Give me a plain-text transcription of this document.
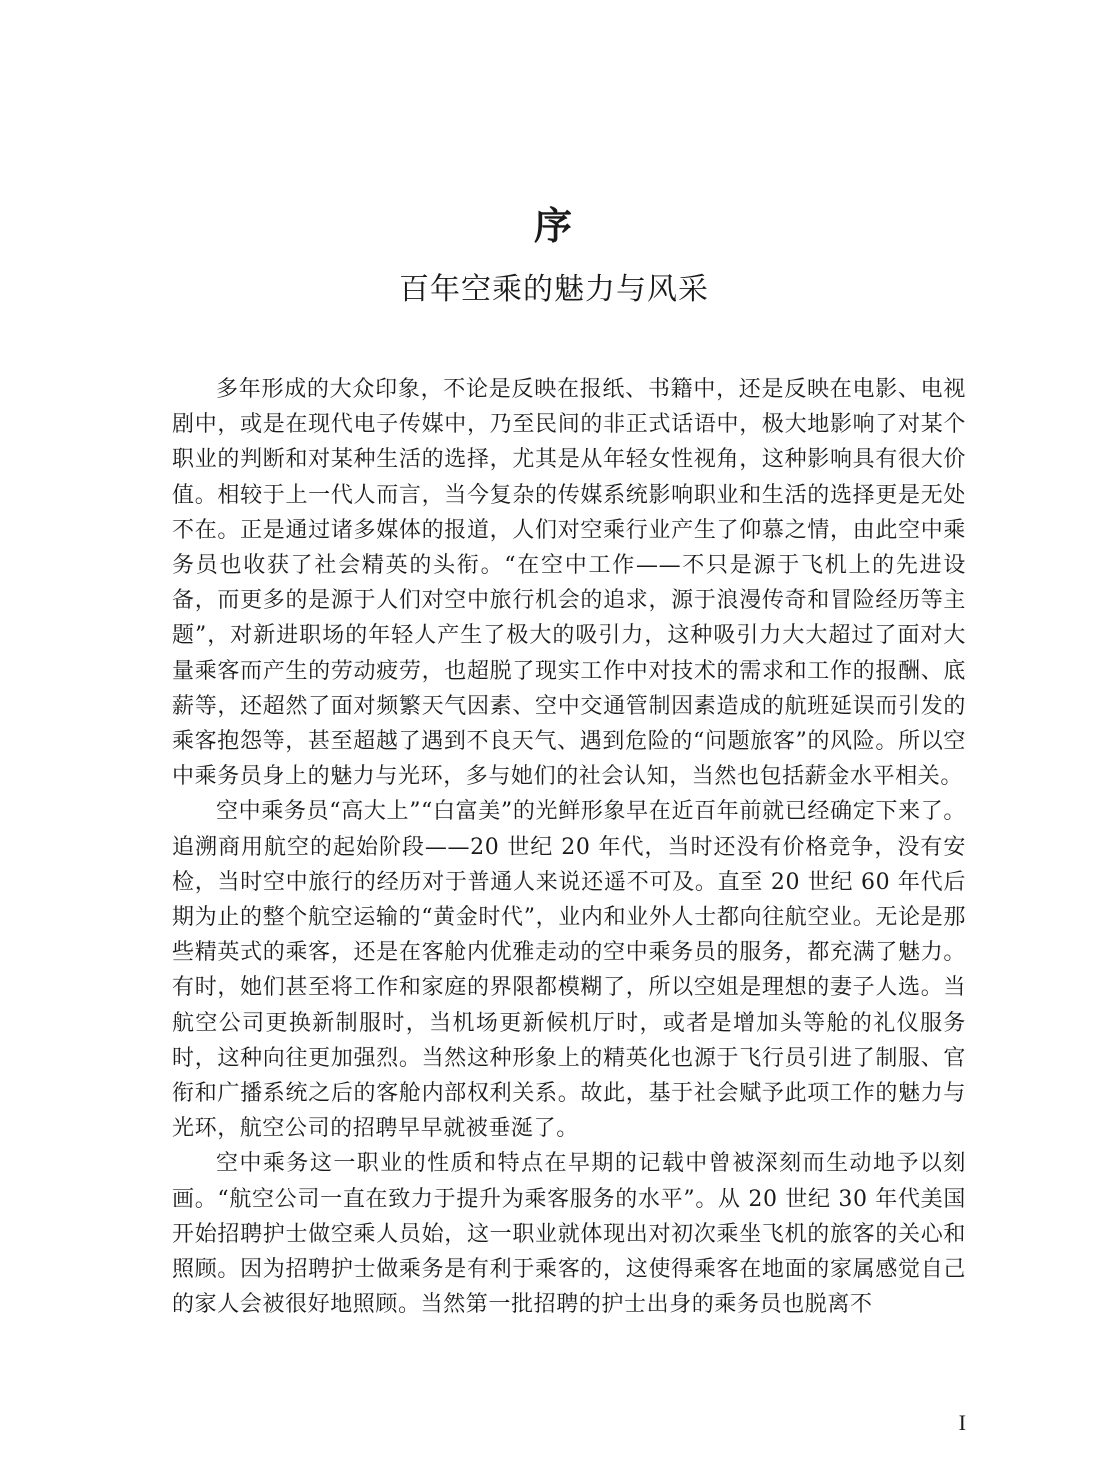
序
百年空乘的魅力与风采

多年形成的大众印象，不论是反映在报纸、书籍中，还是反映在电影、电视剧中，或是在现代电子传媒中，乃至民间的非正式话语中，极大地影响了对某个职业的判断和对某种生活的选择，尤其是从年轻女性视角，这种影响具有很大价值。相较于上一代人而言，当今复杂的传媒系统影响职业和生活的选择更是无处不在。正是通过诸多媒体的报道，人们对空乘行业产生了仰慕之情，由此空中乘务员也收获了社会精英的头衔。“在空中工作——不只是源于飞机上的先进设备，而更多的是源于人们对空中旅行机会的追求，源于浪漫传奇和冒险经历等主题”，对新进职场的年轻人产生了极大的吸引力，这种吸引力大大超过了面对大量乘客而产生的劳动疲劳，也超脱了现实工作中对技术的需求和工作的报酬、底薪等，还超然了面对频繁天气因素、空中交通管制因素造成的航班延误而引发的乘客抱怨等，甚至超越了遇到不良天气、遇到危险的“问题旅客”的风险。所以空中乘务员身上的魅力与光环，多与她们的社会认知，当然也包括薪金水平相关。

空中乘务员“高大上”“白富美”的光鲜形象早在近百年前就已经确定下来了。追溯商用航空的起始阶段——20 世纪 20 年代，当时还没有价格竞争，没有安检，当时空中旅行的经历对于普通人来说还遥不可及。直至 20 世纪 60 年代后期为止的整个航空运输的“黄金时代”，业内和业外人士都向往航空业。无论是那些精英式的乘客，还是在客舱内优雅走动的空中乘务员的服务，都充满了魅力。有时，她们甚至将工作和家庭的界限都模糊了，所以空姐是理想的妻子人选。当航空公司更换新制服时，当机场更新候机厅时，或者是增加头等舱的礼仪服务时，这种向往更加强烈。当然这种形象上的精英化也源于飞行员引进了制服、官衔和广播系统之后的客舱内部权利关系。故此，基于社会赋予此项工作的魅力与光环，航空公司的招聘早早就被垂涎了。

空中乘务这一职业的性质和特点在早期的记载中曾被深刻而生动地予以刻画。“航空公司一直在致力于提升为乘客服务的水平”。从 20 世纪 30 年代美国开始招聘护士做空乘人员始，这一职业就体现出对初次乘坐飞机的旅客的关心和照顾。因为招聘护士做乘务是有利于乘客的，这使得乘客在地面的家属感觉自己的家人会被很好地照顾。当然第一批招聘的护士出身的乘务员也脱离不

I
